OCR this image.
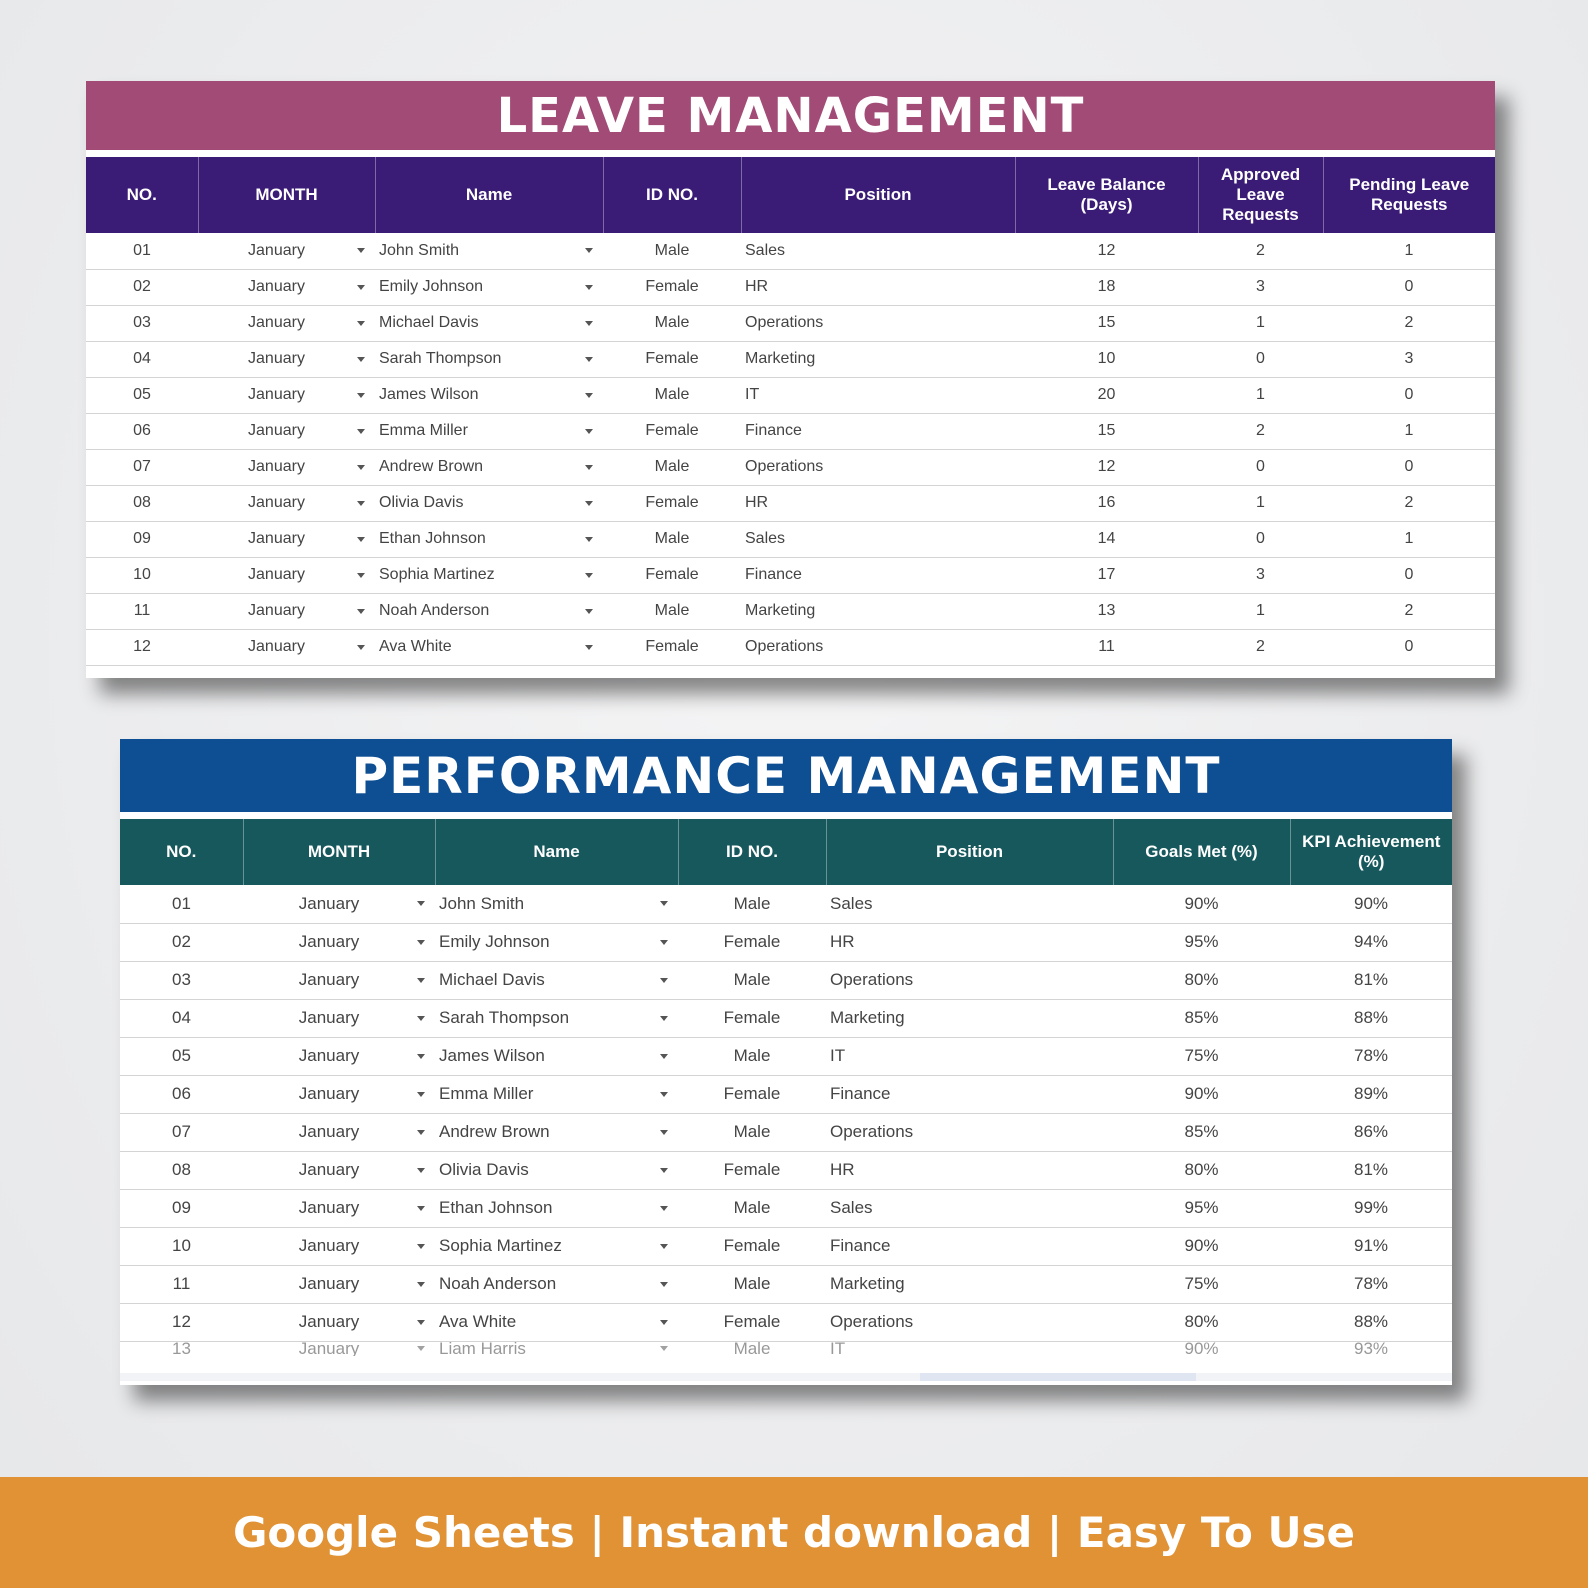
LEAVE MANAGEMENT
NO.	MONTH	Name	ID NO.	Position	Leave Balance (Days)	Approved Leave Requests	Pending Leave Requests
01	January	John Smith	Male	Sales	12	2	1
02	January	Emily Johnson	Female	HR	18	3	0
03	January	Michael Davis	Male	Operations	15	1	2
04	January	Sarah Thompson	Female	Marketing	10	0	3
05	January	James Wilson	Male	IT	20	1	0
06	January	Emma Miller	Female	Finance	15	2	1
07	January	Andrew Brown	Male	Operations	12	0	0
08	January	Olivia Davis	Female	HR	16	1	2
09	January	Ethan Johnson	Male	Sales	14	0	1
10	January	Sophia Martinez	Female	Finance	17	3	0
11	January	Noah Anderson	Male	Marketing	13	1	2
12	January	Ava White	Female	Operations	11	2	0
PERFORMANCE MANAGEMENT
NO.	MONTH	Name	ID NO.	Position	Goals Met (%)	KPI Achievement (%)
01	January	John Smith	Male	Sales	90%	90%
02	January	Emily Johnson	Female	HR	95%	94%
03	January	Michael Davis	Male	Operations	80%	81%
04	January	Sarah Thompson	Female	Marketing	85%	88%
05	January	James Wilson	Male	IT	75%	78%
06	January	Emma Miller	Female	Finance	90%	89%
07	January	Andrew Brown	Male	Operations	85%	86%
08	January	Olivia Davis	Female	HR	80%	81%
09	January	Ethan Johnson	Male	Sales	95%	99%
10	January	Sophia Martinez	Female	Finance	90%	91%
11	January	Noah Anderson	Male	Marketing	75%	78%
12	January	Ava White	Female	Operations	80%	88%
13	January	Liam Harris	Male	IT	90%	93%
Google Sheets | Instant download | Easy To Use
